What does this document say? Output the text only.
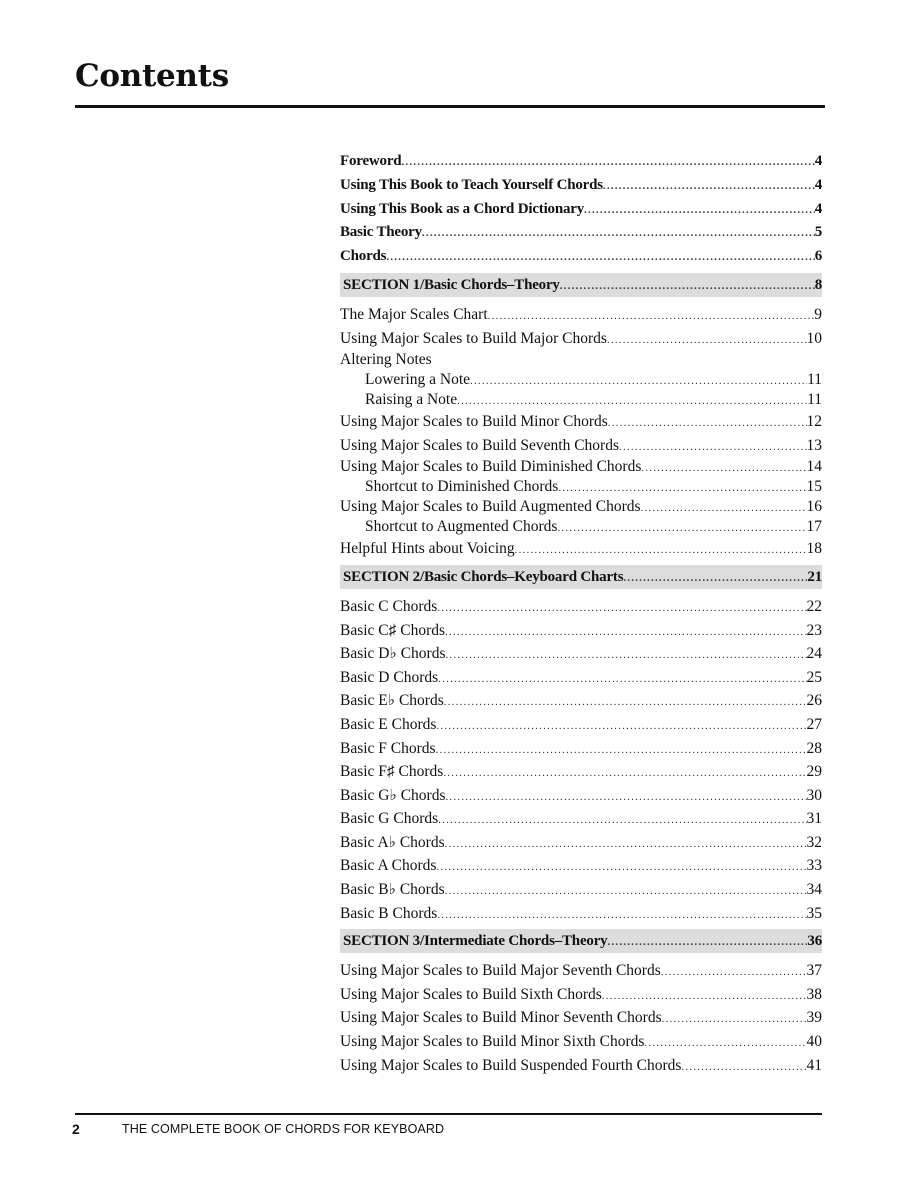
Contents
Foreword .....	4
Using This Book to Teach Yourself Chords .....	4
Using This Book as a Chord Dictionary .....	4
Basic Theory .....	5
Chords .....	6
SECTION 1/Basic Chords–Theory .....	8
The Major Scales Chart .....	9
Using Major Scales to Build Major Chords .....	10
Altering Notes
Lowering a Note .....	11
Raising a Note .....	11
Using Major Scales to Build Minor Chords .....	12
Using Major Scales to Build Seventh Chords .....	13
Using Major Scales to Build Diminished Chords .....	14
Shortcut to Diminished Chords .....	15
Using Major Scales to Build Augmented Chords .....	16
Shortcut to Augmented Chords .....	17
Helpful Hints about Voicing .....	18
SECTION 2/Basic Chords–Keyboard Charts .....	21
Basic C Chords .....	22
Basic C♯ Chords .....	23
Basic D♭ Chords .....	24
Basic D Chords .....	25
Basic E♭ Chords .....	26
Basic E Chords .....	27
Basic F Chords .....	28
Basic F♯ Chords .....	29
Basic G♭ Chords .....	30
Basic G Chords .....	31
Basic A♭ Chords .....	32
Basic A Chords .....	33
Basic B♭ Chords .....	34
Basic B Chords .....	35
SECTION 3/Intermediate Chords–Theory .....	36
Using Major Scales to Build Major Seventh Chords .....	37
Using Major Scales to Build Sixth Chords .....	38
Using Major Scales to Build Minor Seventh Chords .....	39
Using Major Scales to Build Minor Sixth Chords .....	40
Using Major Scales to Build Suspended Fourth Chords .....	41
2	THE COMPLETE BOOK OF CHORDS FOR KEYBOARD
